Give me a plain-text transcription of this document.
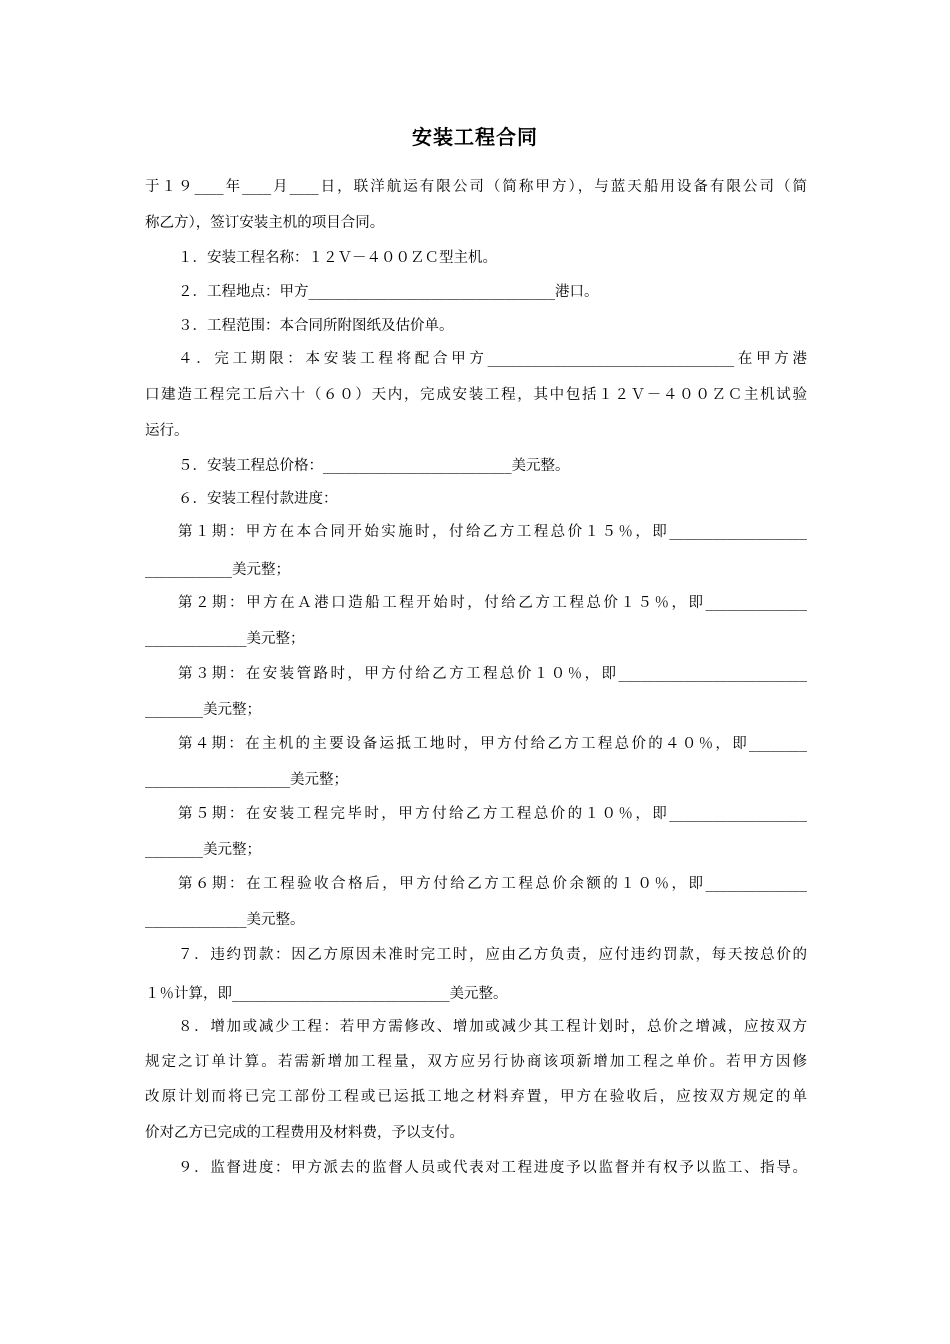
安装工程合同
于１９____年____月____日，联洋航运有限公司（简称甲方），与蓝天船用设备有限公司（简
称乙方），签订安装主机的项目合同。
１．安装工程名称：１２Ｖ－４００ＺＣ型主机。
２．工程地点：甲方__________________________________港口。
３．工程范围：本合同所附图纸及估价单。
４．完工期限：本安装工程将配合甲方__________________________________在甲方港
口建造工程完工后六十（６０）天内，完成安装工程，其中包括１２Ｖ－４００ＺＣ主机试验
运行。
５．安装工程总价格：__________________________美元整。
６．安装工程付款进度：
第１期：甲方在本合同开始实施时，付给乙方工程总价１５％，即___________________
____________美元整；
第２期：甲方在Ａ港口造船工程开始时，付给乙方工程总价１５％，即______________
______________美元整；
第３期：在安装管路时，甲方付给乙方工程总价１０％，即__________________________
________美元整；
第４期：在主机的主要设备运抵工地时，甲方付给乙方工程总价的４０％，即________
____________________美元整；
第５期：在安装工程完毕时，甲方付给乙方工程总价的１０％，即___________________
________美元整；
第６期：在工程验收合格后，甲方付给乙方工程总价余额的１０％，即______________
______________美元整。
７．违约罚款：因乙方原因未准时完工时，应由乙方负责，应付违约罚款，每天按总价的
１％计算，即______________________________美元整。
８．增加或减少工程：若甲方需修改、增加或减少其工程计划时，总价之增减，应按双方
规定之订单计算。若需新增加工程量，双方应另行协商该项新增加工程之单价。若甲方因修
改原计划而将已完工部份工程或已运抵工地之材料弃置，甲方在验收后，应按双方规定的单
价对乙方已完成的工程费用及材料费，予以支付。
９．监督进度：甲方派去的监督人员或代表对工程进度予以监督并有权予以监工、指导。
